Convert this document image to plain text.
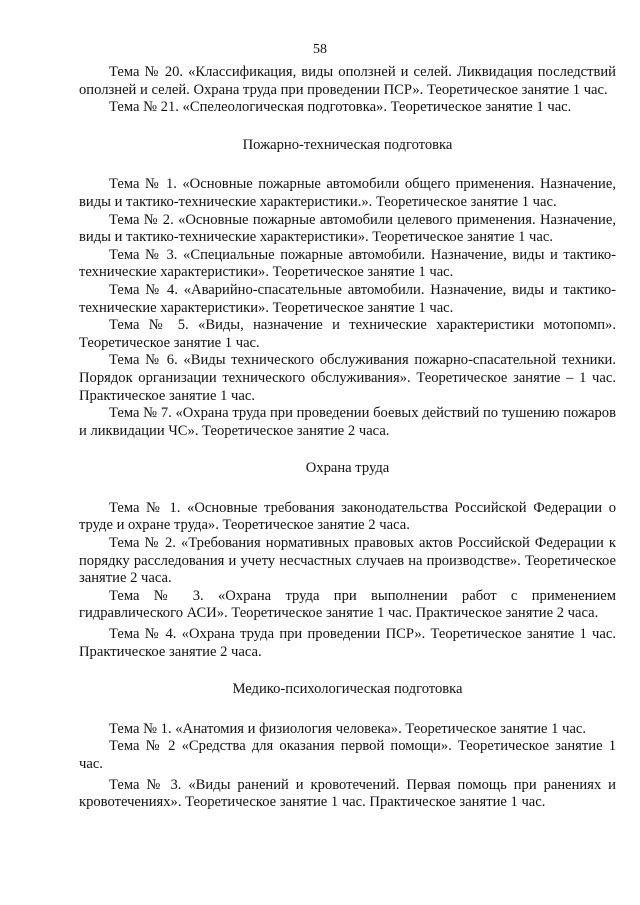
58

Тема № 20. «Классификация, виды оползней и селей. Ликвидация последствий оползней и селей. Охрана труда при проведении ПСР». Теоретическое занятие 1 час.

Тема № 21. «Спелеологическая подготовка». Теоретическое занятие 1 час.

Пожарно-техническая подготовка

Тема № 1. «Основные пожарные автомобили общего применения. Назначение, виды и тактико-технические характеристики.». Теоретическое занятие 1 час.

Тема № 2. «Основные пожарные автомобили целевого применения. Назначение, виды и тактико-технические характеристики». Теоретическое занятие 1 час.

Тема № 3. «Специальные пожарные автомобили. Назначение, виды и тактико-технические характеристики». Теоретическое занятие 1 час.

Тема № 4. «Аварийно-спасательные автомобили. Назначение, виды и тактико-технические характеристики». Теоретическое занятие 1 час.

Тема № 5. «Виды, назначение и технические характеристики мотопомп». Теоретическое занятие 1 час.

Тема № 6. «Виды технического обслуживания пожарно-спасательной техники. Порядок организации технического обслуживания». Теоретическое занятие – 1 час. Практическое занятие 1 час.

Тема № 7. «Охрана труда при проведении боевых действий по тушению пожаров и ликвидации ЧС». Теоретическое занятие 2 часа.

Охрана труда

Тема № 1. «Основные требования законодательства Российской Федерации о труде и охране труда». Теоретическое занятие 2 часа.

Тема № 2. «Требования нормативных правовых актов Российской Федерации к порядку расследования и учету несчастных случаев на производстве». Теоретическое занятие 2 часа.

Тема № 3. «Охрана труда при выполнении работ с применением гидравлического АСИ». Теоретическое занятие 1 час. Практическое занятие 2 часа.

Тема № 4. «Охрана труда при проведении ПСР». Теоретическое занятие 1 час. Практическое занятие 2 часа.

Медико-психологическая подготовка

Тема № 1. «Анатомия и физиология человека». Теоретическое занятие 1 час.

Тема № 2 «Средства для оказания первой помощи». Теоретическое занятие 1 час.

Тема № 3. «Виды ранений и кровотечений. Первая помощь при ранениях и кровотечениях». Теоретическое занятие 1 час. Практическое занятие 1 час.
